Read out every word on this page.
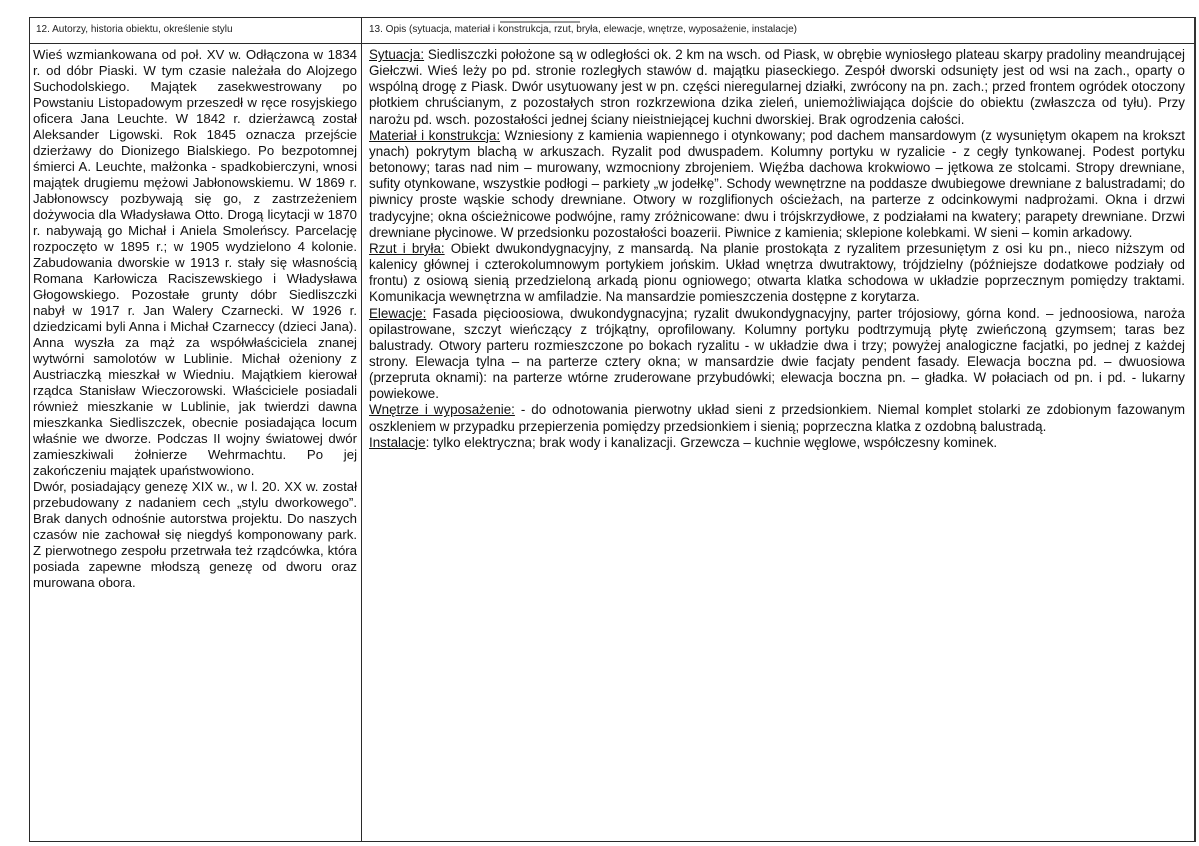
12. Autorzy, historia obiektu, określenie stylu	13. Opis (sytuacja, materiał i konstrukcja, rzut, bryła, elewacje, wnętrze, wyposażenie, instalacje)

Wieś wzmiankowana od poł. XV w. Odłączona w 1834 r. od dóbr Piaski. W tym czasie należała do Alojzego Suchodolskiego. Majątek zasekwestrowany po Powstaniu Listopadowym przeszedł w ręce rosyjskiego oficera Jana Leuchte. W 1842 r. dzierżawcą został Aleksander Ligowski. Rok 1845 oznacza przejście dzierżawy do Dionizego Bialskiego. Po bezpotomnej śmierci A. Leuchte, małżonka - spadkobierczyni, wnosi majątek drugiemu mężowi Jabłonowskiemu. W 1869 r. Jabłonowscy pozbywają się go, z zastrzeżeniem dożywocia dla Władysława Otto. Drogą licytacji w 1870 r. nabywają go Michał i Aniela Smoleńscy. Parcelację rozpoczęto w 1895 r.; w 1905 wydzielono 4 kolonie. Zabudowania dworskie w 1913 r. stały się własnością Romana Karłowicza Raciszewskiego i Władysława Głogowskiego. Pozostałe grunty dóbr Siedliszczki nabył w 1917 r. Jan Walery Czarnecki. W 1926 r. dziedzicami byli Anna i Michał Czarneccy (dzieci Jana). Anna wyszła za mąż za współwłaściciela znanej wytwórni samolotów w Lublinie. Michał ożeniony z Austriaczką mieszkał w Wiedniu. Majątkiem kierował rządca Stanisław Wieczorowski. Właściciele posiadali również mieszkanie w Lublinie, jak twierdzi dawna mieszkanka Siedliszczek, obecnie posiadająca locum właśnie we dworze. Podczas II wojny światowej dwór zamieszkiwali żołnierze Wehrmachtu. Po jej zakończeniu majątek upaństwowiono.

Dwór, posiadający genezę XIX w., w l. 20. XX w. został przebudowany z nadaniem cech „stylu dworkowego”. Brak danych odnośnie autorstwa projektu. Do naszych czasów nie zachował się niegdyś komponowany park. Z pierwotnego zespołu przetrwała też rządcówka, która posiada zapewne młodszą genezę od dworu oraz murowana obora.

Sytuacja: Siedliszczki położone są w odległości ok. 2 km na wsch. od Piask, w obrębie wyniosłego plateau skarpy pradoliny meandrującej Giełczwi. Wieś leży po pd. stronie rozległych stawów d. majątku piaseckiego. Zespół dworski odsunięty jest od wsi na zach., oparty o wspólną drogę z Piask. Dwór usytuowany jest w pn. części nieregularnej działki, zwrócony na pn. zach.; przed frontem ogródek otoczony płotkiem chruścianym, z pozostałych stron rozkrzewiona dzika zieleń, uniemożliwiająca dojście do obiektu (zwłaszcza od tyłu). Przy narożu pd. wsch. pozostałości jednej ściany nieistniejącej kuchni dworskiej. Brak ogrodzenia całości.

Materiał i konstrukcja: Wzniesiony z kamienia wapiennego i otynkowany; pod dachem mansardowym (z wysuniętym okapem na krokszt ynach) pokrytym blachą w arkuszach. Ryzalit pod dwuspadem. Kolumny portyku w ryzalicie - z cegły tynkowanej. Podest portyku betonowy; taras nad nim – murowany, wzmocniony zbrojeniem. Więźba dachowa krokwiowo – jętkowa ze stolcami. Stropy drewniane, sufity otynkowane, wszystkie podłogi – parkiety „w jodełkę”. Schody wewnętrzne na poddasze dwubiegowe drewniane z balustradami; do piwnicy proste wąskie schody drewniane. Otwory w rozglifionych ościeżach, na parterze z odcinkowymi nadprożami. Okna i drzwi tradycyjne; okna ościeżnicowe podwójne, ramy zróżnicowane: dwu i trójskrzydłowe, z podziałami na kwatery; parapety drewniane. Drzwi drewniane płycinowe. W przedsionku pozostałości boazerii. Piwnice z kamienia; sklepione kolebkami. W sieni – komin arkadowy.

Rzut i bryła: Obiekt dwukondygnacyjny, z mansardą. Na planie prostokąta z ryzalitem przesuniętym z osi ku pn., nieco niższym od kalenicy głównej i czterokolumnowym portykiem jońskim. Układ wnętrza dwutraktowy, trójdzielny (późniejsze dodatkowe podziały od frontu) z osiową sienią przedzieloną arkadą pionu ogniowego; otwarta klatka schodowa w układzie poprzecznym pomiędzy traktami. Komunikacja wewnętrzna w amfiladzie. Na mansardzie pomieszczenia dostępne z korytarza.

Elewacje: Fasada pięcioosiowa, dwukondygnacyjna; ryzalit dwukondygnacyjny, parter trójosiowy, górna kond. – jednoosiowa, naroża opilastrowane, szczyt wieńczący z trójkątny, oprofilowany. Kolumny portyku podtrzymują płytę zwieńczoną gzymsem; taras bez balustrady. Otwory parteru rozmieszczone po bokach ryzalitu - w układzie dwa i trzy; powyżej analogiczne facjatki, po jednej z każdej strony. Elewacja tylna – na parterze cztery okna; w mansardzie dwie facjaty pendent fasady. Elewacja boczna pd. – dwuosiowa (przepruta oknami): na parterze wtórne zruderowane przybudówki; elewacja boczna pn. – gładka. W połaciach od pn. i pd. - lukarny powiekowe.

Wnętrze i wyposażenie: - do odnotowania pierwotny układ sieni z przedsionkiem. Niemal komplet stolarki ze zdobionym fazowanym oszkleniem w przypadku przepierzenia pomiędzy przedsionkiem i sienią; poprzeczna klatka z ozdobną balustradą.

Instalacje: tylko elektryczna; brak wody i kanalizacji. Grzewcza – kuchnie węglowe, współczesny kominek.
